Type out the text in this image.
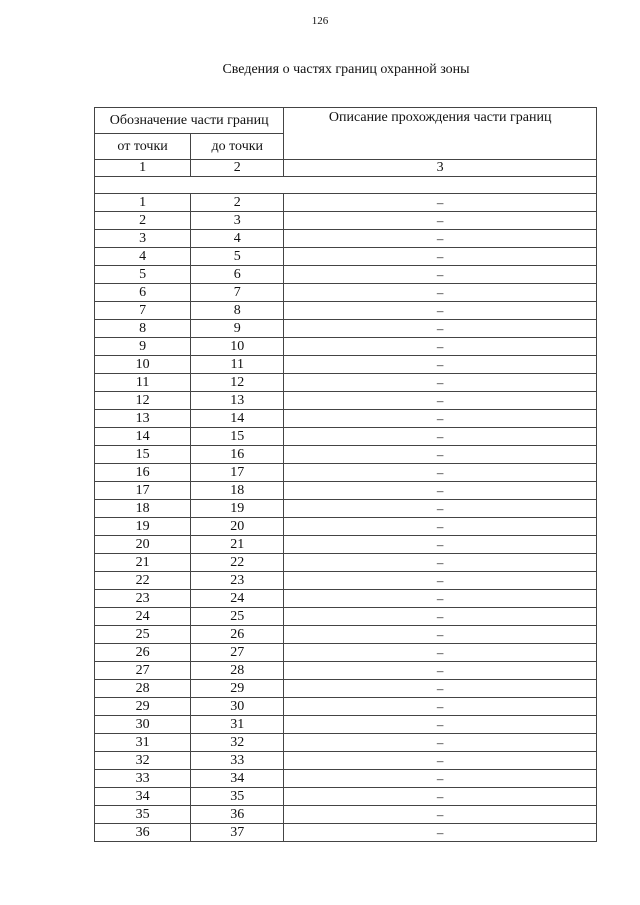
126
Сведения о частях границ охранной зоны
Обозначение части границ		Описание прохождения части границ
от точки	до точки	
1	2	3

1	2	–
2	3	–
3	4	–
4	5	–
5	6	–
6	7	–
7	8	–
8	9	–
9	10	–
10	11	–
11	12	–
12	13	–
13	14	–
14	15	–
15	16	–
16	17	–
17	18	–
18	19	–
19	20	–
20	21	–
21	22	–
22	23	–
23	24	–
24	25	–
25	26	–
26	27	–
27	28	–
28	29	–
29	30	–
30	31	–
31	32	–
32	33	–
33	34	–
34	35	–
35	36	–
36	37	–
